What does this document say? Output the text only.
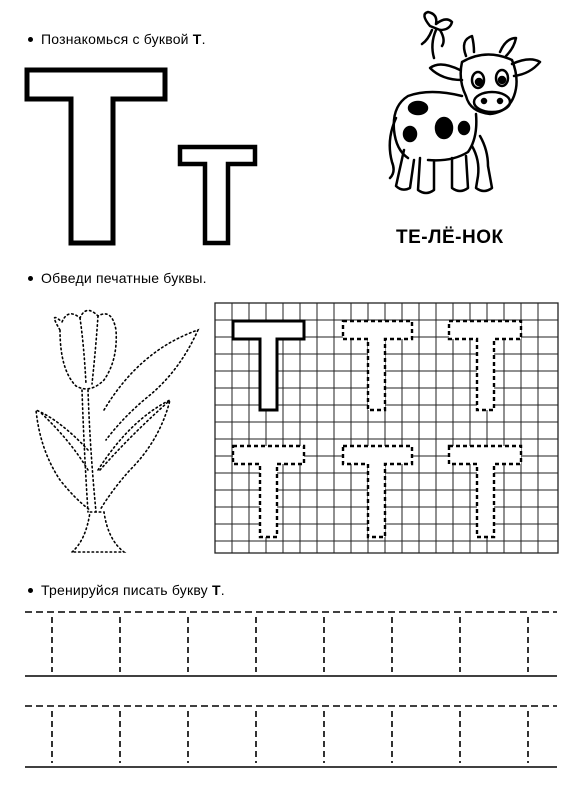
Познакомься с буквой Т.
ТЕ-ЛЁ-НОК
Обведи печатные буквы.
Тренируйся писать букву Т.
